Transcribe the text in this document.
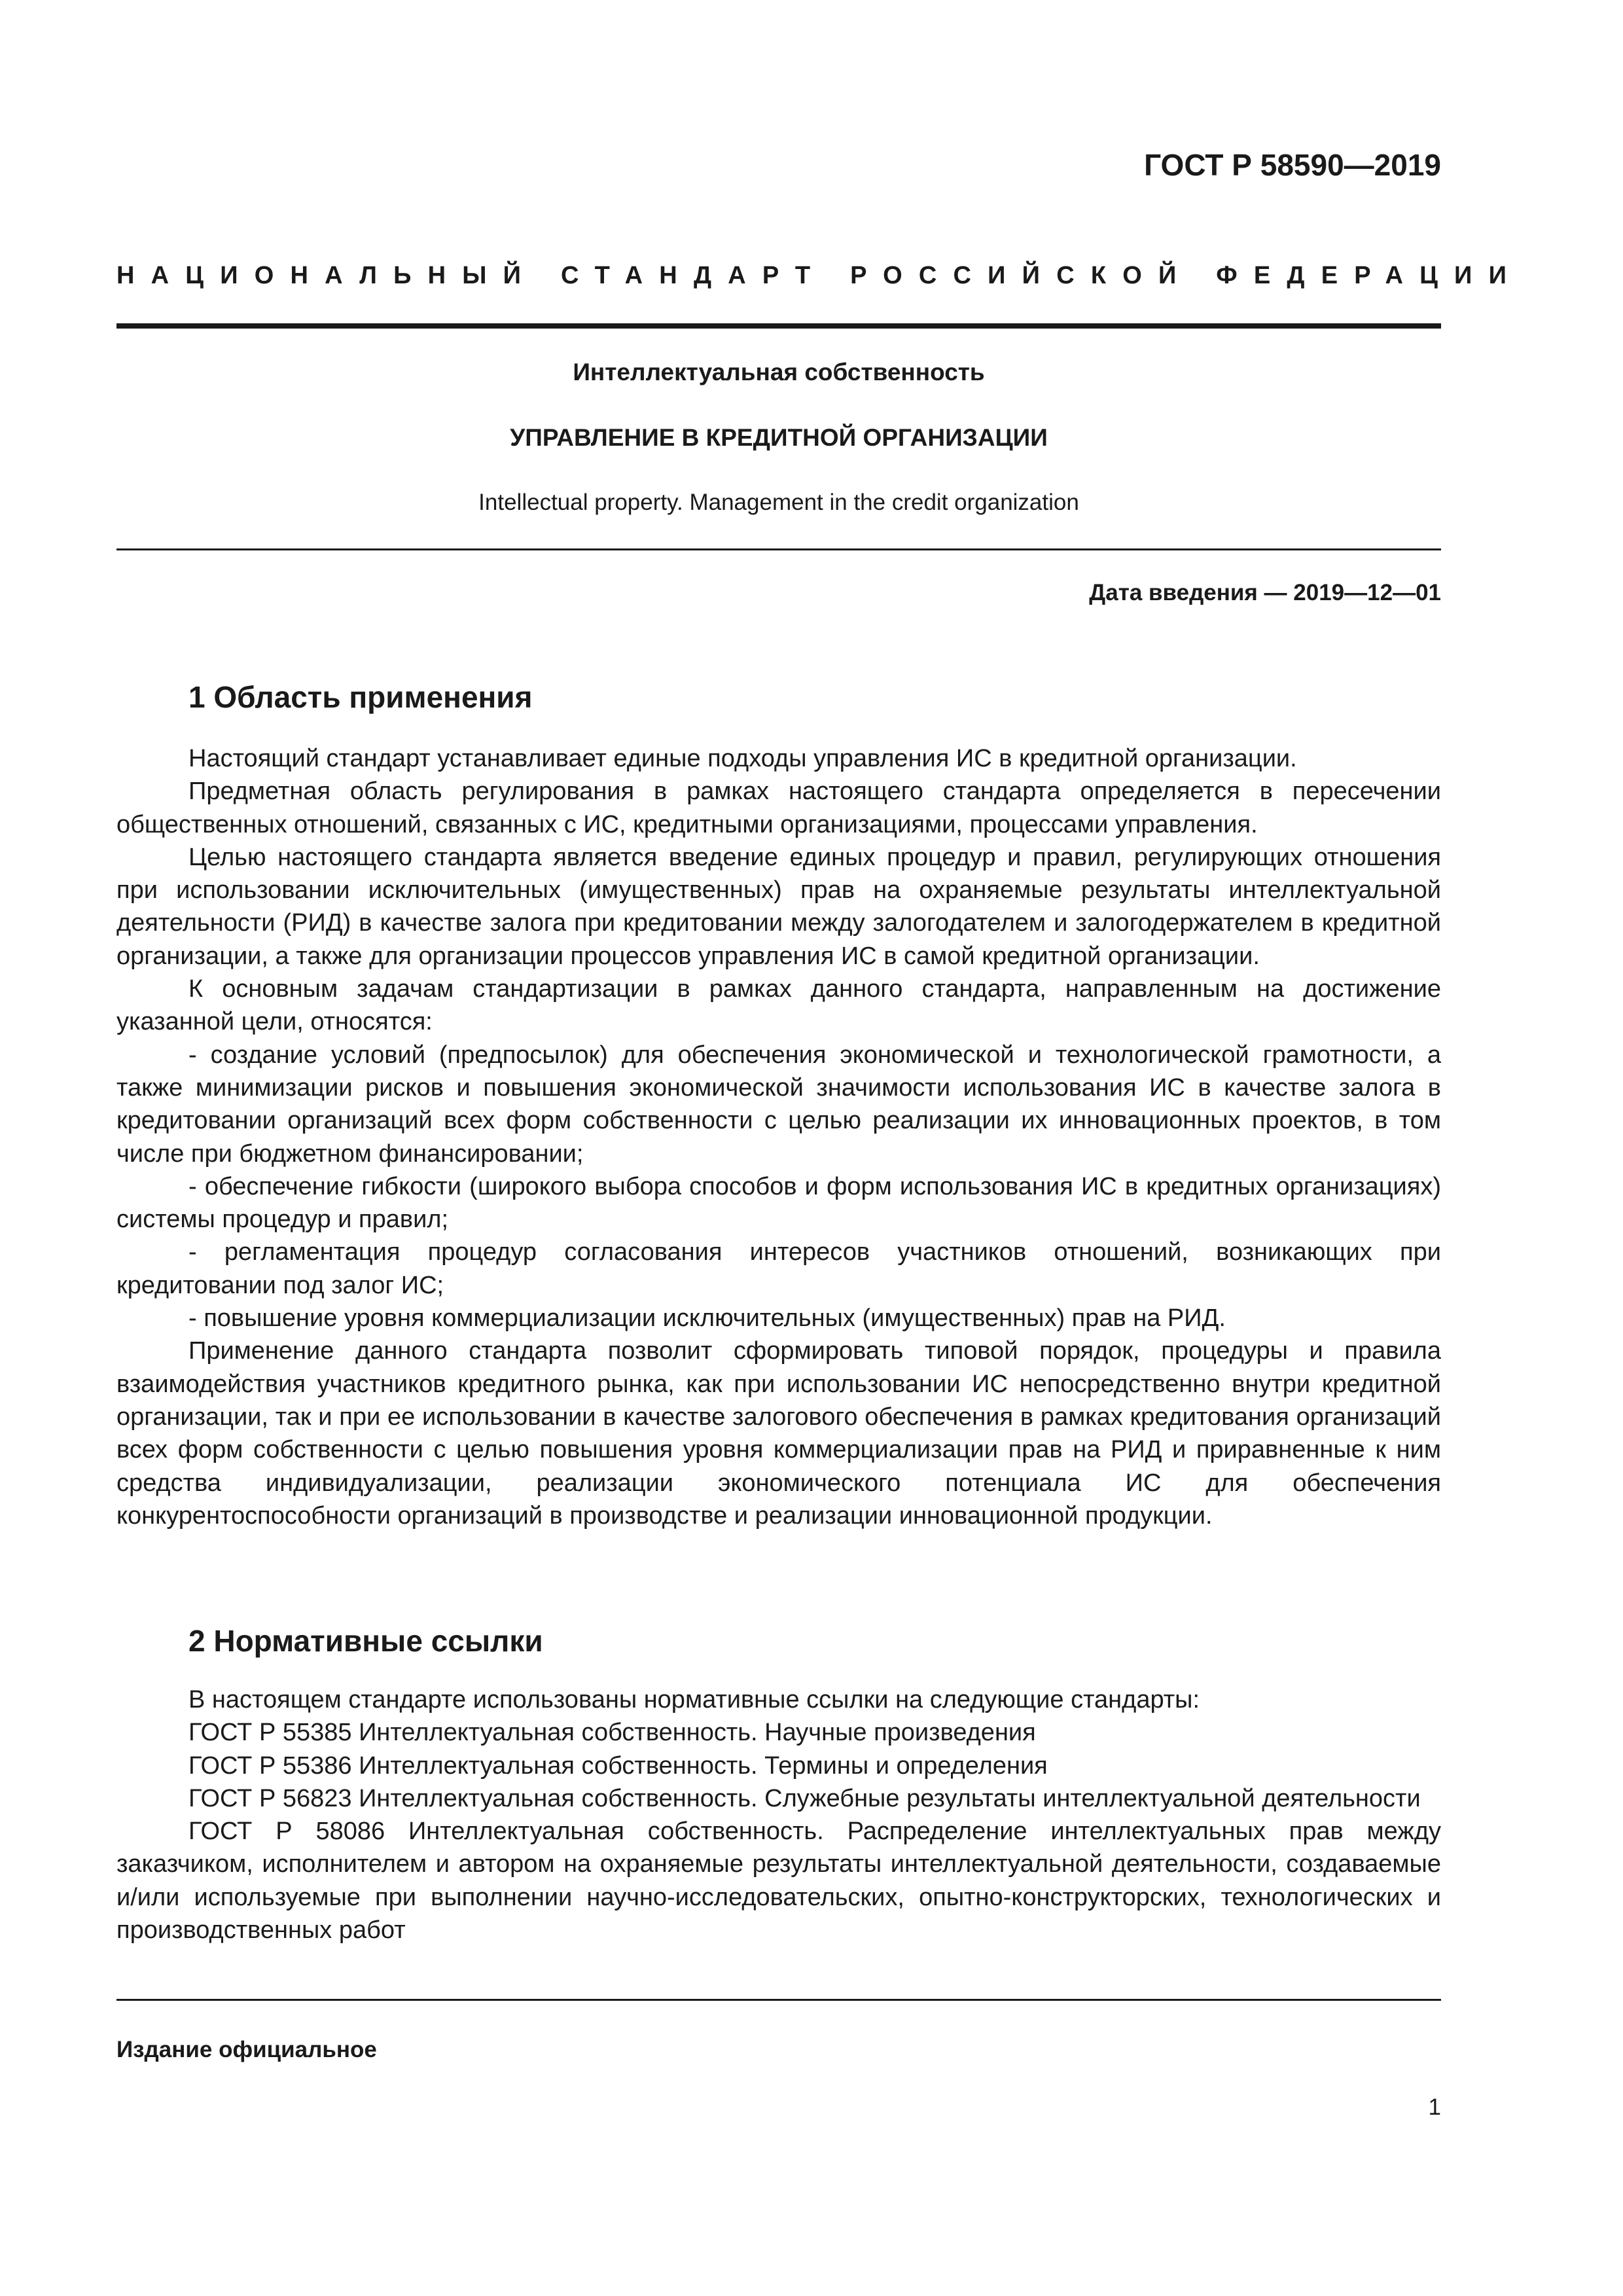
ГОСТ Р 58590—2019
НАЦИОНАЛЬНЫЙ СТАНДАРТ РОССИЙСКОЙ ФЕДЕРАЦИИ
Интеллектуальная собственность
УПРАВЛЕНИЕ В КРЕДИТНОЙ ОРГАНИЗАЦИИ
Intellectual property. Management in the credit organization
Дата введения — 2019—12—01
1 Область применения

Настоящий стандарт устанавливает единые подходы управления ИС в кредитной организации.

Предметная область регулирования в рамках настоящего стандарта определяется в пересечении общественных отношений, связанных с ИС, кредитными организациями, процессами управления.

Целью настоящего стандарта является введение единых процедур и правил, регулирующих отношения при использовании исключительных (имущественных) прав на охраняемые результаты интеллектуальной деятельности (РИД) в качестве залога при кредитовании между залогодателем и залогодержателем в кредитной организации, а также для организации процессов управления ИС в самой кредитной организации.

К основным задачам стандартизации в рамках данного стандарта, направленным на достижение указанной цели, относятся:

- создание условий (предпосылок) для обеспечения экономической и технологической грамотности, а также минимизации рисков и повышения экономической значимости использования ИС в качестве залога в кредитовании организаций всех форм собственности с целью реализации их инновационных проектов, в том числе при бюджетном финансировании;

- обеспечение гибкости (широкого выбора способов и форм использования ИС в кредитных организациях) системы процедур и правил;

- регламентация процедур согласования интересов участников отношений, возникающих при кредитовании под залог ИС;

- повышение уровня коммерциализации исключительных (имущественных) прав на РИД.

Применение данного стандарта позволит сформировать типовой порядок, процедуры и правила взаимодействия участников кредитного рынка, как при использовании ИС непосредственно внутри кредитной организации, так и при ее использовании в качестве залогового обеспечения в рамках кредитования организаций всех форм собственности с целью повышения уровня коммерциализации прав на РИД и приравненные к ним средства индивидуализации, реализации экономического потенциала ИС для обеспечения конкурентоспособности организаций в производстве и реализации инновационной продукции.

2 Нормативные ссылки

В настоящем стандарте использованы нормативные ссылки на следующие стандарты:

ГОСТ Р 55385 Интеллектуальная собственность. Научные произведения

ГОСТ Р 55386 Интеллектуальная собственность. Термины и определения

ГОСТ Р 56823 Интеллектуальная собственность. Служебные результаты интеллектуальной деятельности

ГОСТ Р 58086 Интеллектуальная собственность. Распределение интеллектуальных прав между заказчиком, исполнителем и автором на охраняемые результаты интеллектуальной деятельности, создаваемые и/или используемые при выполнении научно-исследовательских, опытно-конструкторских, технологических и производственных работ

Издание официальное
1
